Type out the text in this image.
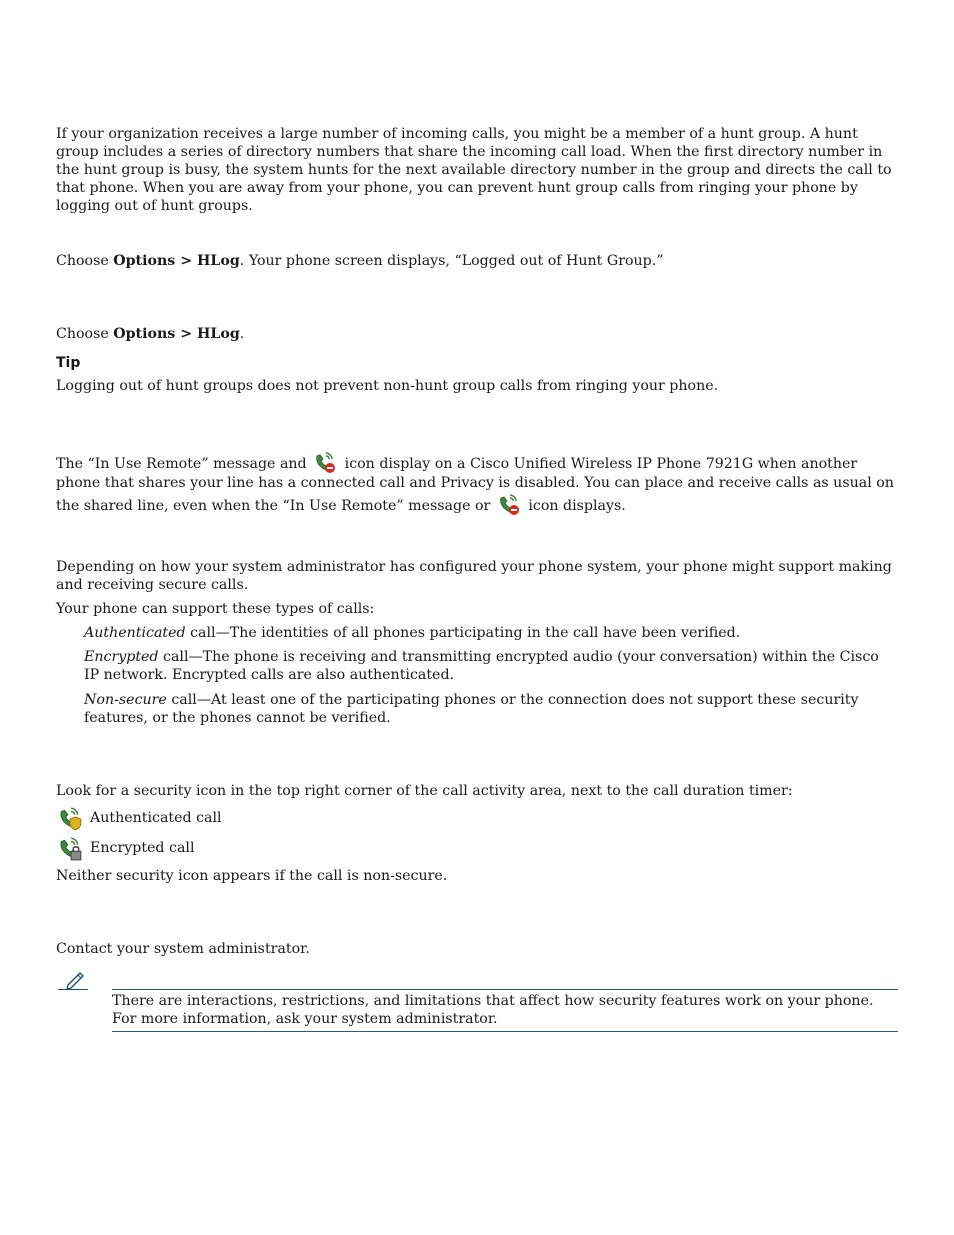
If your organization receives a large number of incoming calls, you might be a member of a hunt group. A hunt group includes a series of directory numbers that share the incoming call load. When the first directory number in the hunt group is busy, the system hunts for the next available directory number in the group and directs the call to that phone. When you are away from your phone, you can prevent hunt group calls from ringing your phone by logging out of hunt groups.

Choose Options > HLog. Your phone screen displays, “Logged out of Hunt Group.”

Choose Options > HLog.

Tip

Logging out of hunt groups does not prevent non-hunt group calls from ringing your phone.

The “In Use Remote” message and  icon display on a Cisco Unified Wireless IP Phone 7921G when another phone that shares your line has a connected call and Privacy is disabled. You can place and receive calls as usual on the shared line, even when the “In Use Remote” message or  icon displays.

Depending on how your system administrator has configured your phone system, your phone might support making and receiving secure calls.

Your phone can support these types of calls:

Authenticated call—The identities of all phones participating in the call have been verified.

Encrypted call—The phone is receiving and transmitting encrypted audio (your conversation) within the Cisco IP network. Encrypted calls are also authenticated.

Non-secure call—At least one of the participating phones or the connection does not support these security features, or the phones cannot be verified.

Look for a security icon in the top right corner of the call activity area, next to the call duration timer:

Authenticated call
Encrypted call

Neither security icon appears if the call is non-secure.

Contact your system administrator.

There are interactions, restrictions, and limitations that affect how security features work on your phone. For more information, ask your system administrator.
